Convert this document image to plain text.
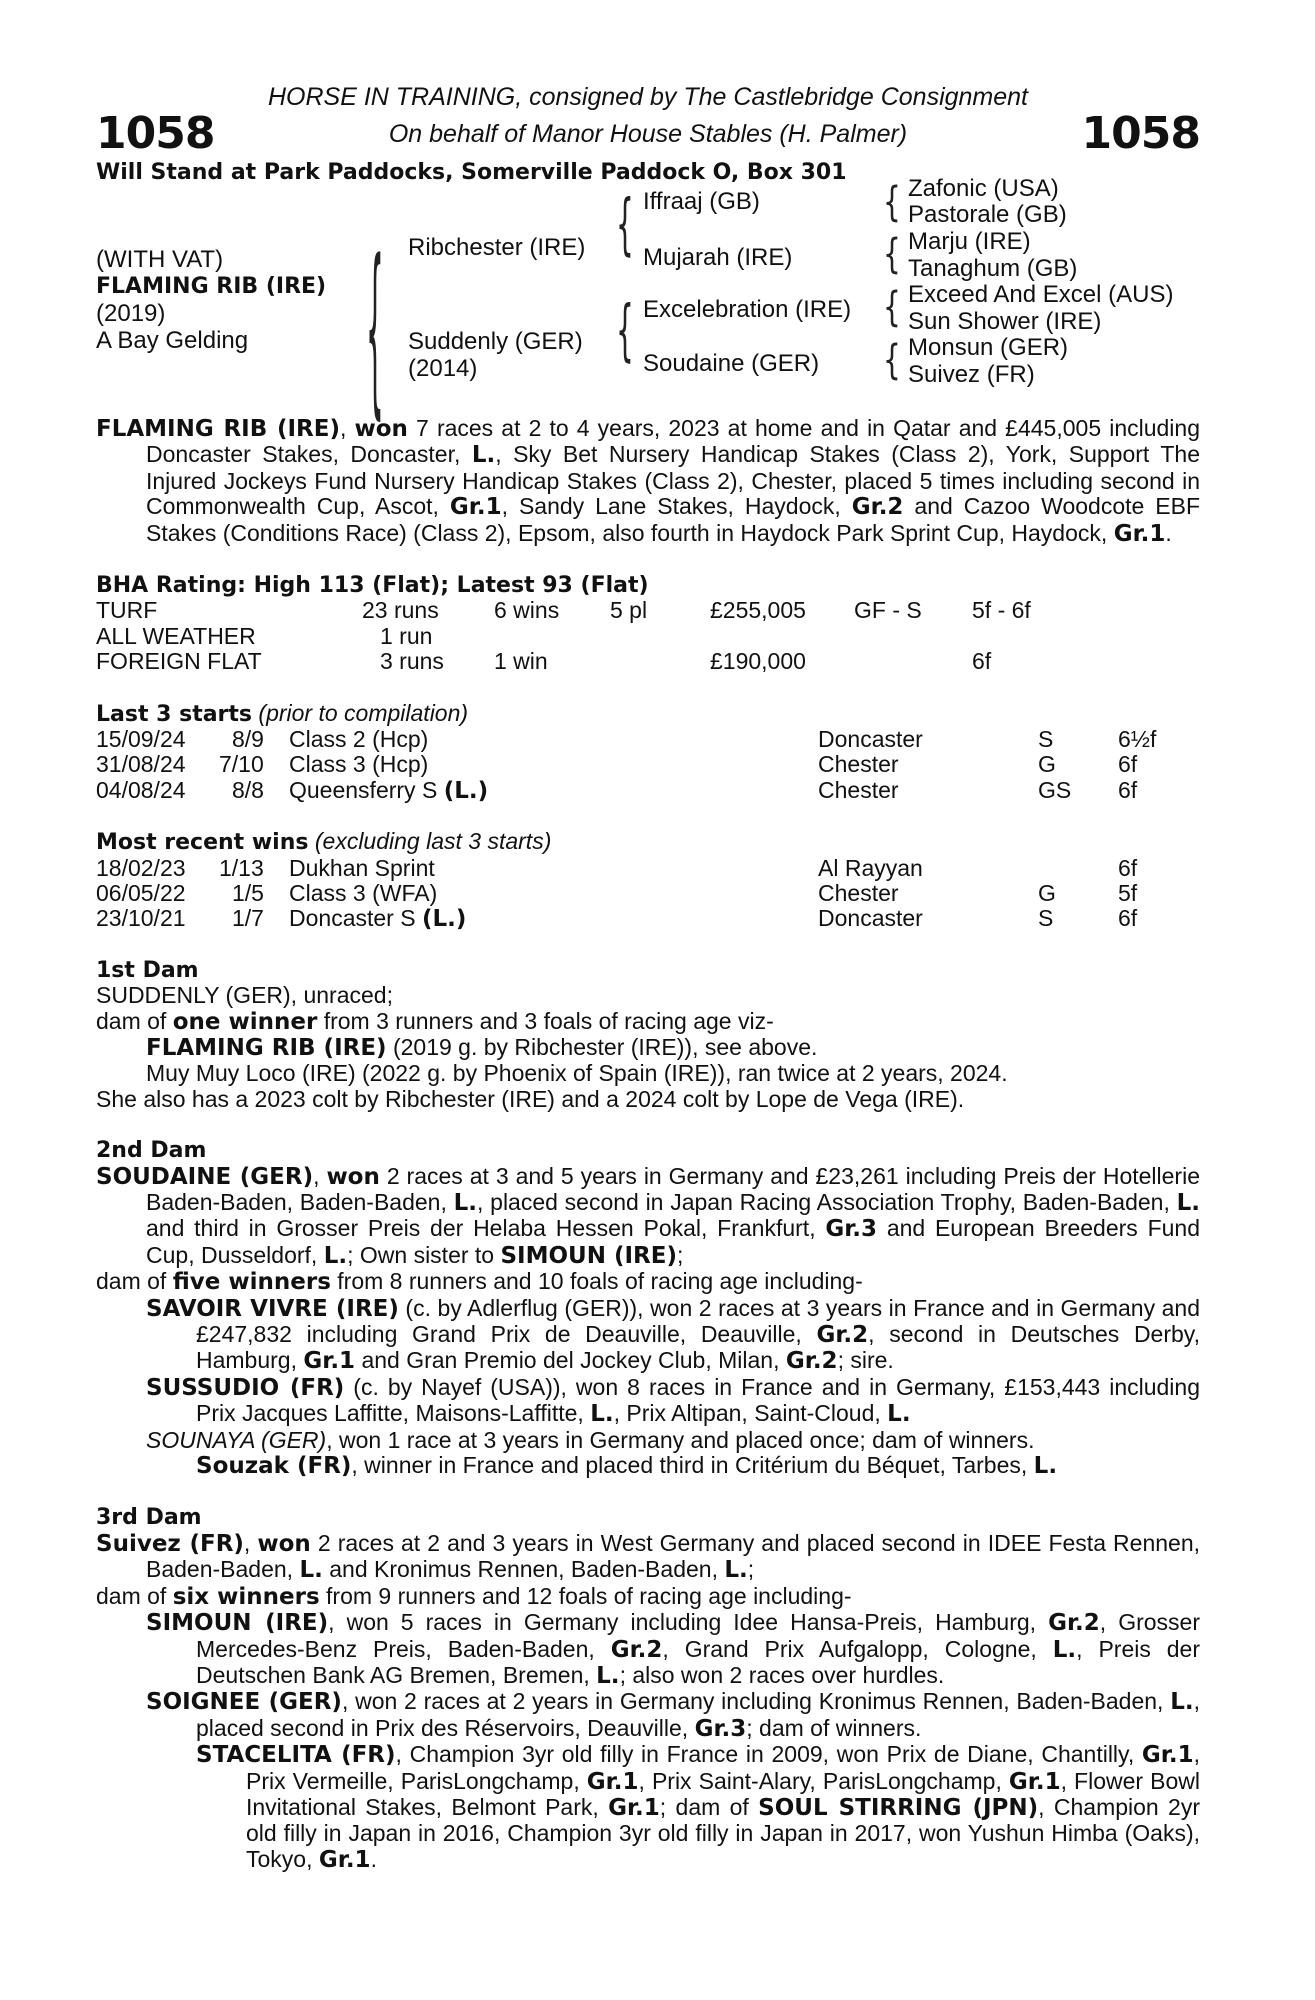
HORSE IN TRAINING, consigned by The Castlebridge Consignment
1058	1058
On behalf of Manor House Stables (H. Palmer)
Will Stand at Park Paddocks, Somerville Paddock O, Box 301
(WITH VAT)
FLAMING RIB (IRE)
(2019)
A Bay Gelding	{ Ribchester (IRE)
Suddenly (GER)
(2014)
{
{
Iffraaj (GB)
Mujarah (IRE)
Excelebration (IRE)
Soudaine (GER)
{
{
{
{
Zafonic (USA)
Pastorale (GB)
Marju (IRE)
Tanaghum (GB)
Exceed And Excel (AUS)
Sun Shower (IRE)
Monsun (GER)
Suivez (FR)
FLAMING RIB (IRE), won 7 races at 2 to 4 years, 2023 at home and in Qatar and £445,005 including Doncaster Stakes, Doncaster, L., Sky Bet Nursery Handicap Stakes (Class 2), York, Support The Injured Jockeys Fund Nursery Handicap Stakes (Class 2), Chester, placed 5 times including second in Commonwealth Cup, Ascot, Gr.1, Sandy Lane Stakes, Haydock, Gr.2 and Cazoo Woodcote EBF Stakes (Conditions Race) (Class 2), Epsom, also fourth in Haydock Park Sprint Cup, Haydock, Gr.1.
BHA Rating: High 113 (Flat); Latest 93 (Flat)
TURF	23 runs 6 wins 5 pl	£255,005 GF - S 5f - 6f
ALL WEATHER	1 run
FOREIGN FLAT	3 runs 1 win	£190,000	6f
Last 3 starts (prior to compilation)
15/09/24 8/9 Class 2 (Hcp)	Doncaster	S	6½f
31/08/24 7/10 Class 3 (Hcp)	Chester	G	6f
04/08/24 8/8 Queensferry S (L.)	Chester	GS 6f
Most recent wins (excluding last 3 starts)
18/02/23 1/13 Dukhan Sprint	Al Rayyan	6f
06/05/22 1/5 Class 3 (WFA)	Chester	G	5f
23/10/21 1/7 Doncaster S (L.)	Doncaster	S	6f
1st Dam
SUDDENLY (GER), unraced;
dam of one winner from 3 runners and 3 foals of racing age viz-
FLAMING RIB (IRE) (2019 g. by Ribchester (IRE)), see above.
Muy Muy Loco (IRE) (2022 g. by Phoenix of Spain (IRE)), ran twice at 2 years, 2024.
She also has a 2023 colt by Ribchester (IRE) and a 2024 colt by Lope de Vega (IRE).
2nd Dam
SOUDAINE (GER), won 2 races at 3 and 5 years in Germany and £23,261 including Preis der Hotellerie Baden-Baden, Baden-Baden, L., placed second in Japan Racing Association Trophy, Baden-Baden, L. and third in Grosser Preis der Helaba Hessen Pokal, Frankfurt, Gr.3 and European Breeders Fund Cup, Dusseldorf, L.; Own sister to SIMOUN (IRE);
dam of five winners from 8 runners and 10 foals of racing age including-
SAVOIR VIVRE (IRE) (c. by Adlerflug (GER)), won 2 races at 3 years in France and in Germany and £247,832 including Grand Prix de Deauville, Deauville, Gr.2, second in Deutsches Derby, Hamburg, Gr.1 and Gran Premio del Jockey Club, Milan, Gr.2; sire.
SUSSUDIO (FR) (c. by Nayef (USA)), won 8 races in France and in Germany, £153,443 including Prix Jacques Laffitte, Maisons-Laffitte, L., Prix Altipan, Saint-Cloud, L.
SOUNAYA (GER), won 1 race at 3 years in Germany and placed once; dam of winners.
Souzak (FR), winner in France and placed third in Critérium du Béquet, Tarbes, L.
3rd Dam
Suivez (FR), won 2 races at 2 and 3 years in West Germany and placed second in IDEE Festa Rennen, Baden-Baden, L. and Kronimus Rennen, Baden-Baden, L.;
dam of six winners from 9 runners and 12 foals of racing age including-
SIMOUN (IRE), won 5 races in Germany including Idee Hansa-Preis, Hamburg, Gr.2, Grosser Mercedes-Benz Preis, Baden-Baden, Gr.2, Grand Prix Aufgalopp, Cologne, L., Preis der Deutschen Bank AG Bremen, Bremen, L.; also won 2 races over hurdles.
SOIGNEE (GER), won 2 races at 2 years in Germany including Kronimus Rennen, Baden-Baden, L., placed second in Prix des Réservoirs, Deauville, Gr.3; dam of winners.
STACELITA (FR), Champion 3yr old filly in France in 2009, won Prix de Diane, Chantilly, Gr.1, Prix Vermeille, ParisLongchamp, Gr.1, Prix Saint-Alary, ParisLongchamp, Gr.1, Flower Bowl Invitational Stakes, Belmont Park, Gr.1; dam of SOUL STIRRING (JPN), Champion 2yr old filly in Japan in 2016, Champion 3yr old filly in Japan in 2017, won Yushun Himba (Oaks), Tokyo, Gr.1.
